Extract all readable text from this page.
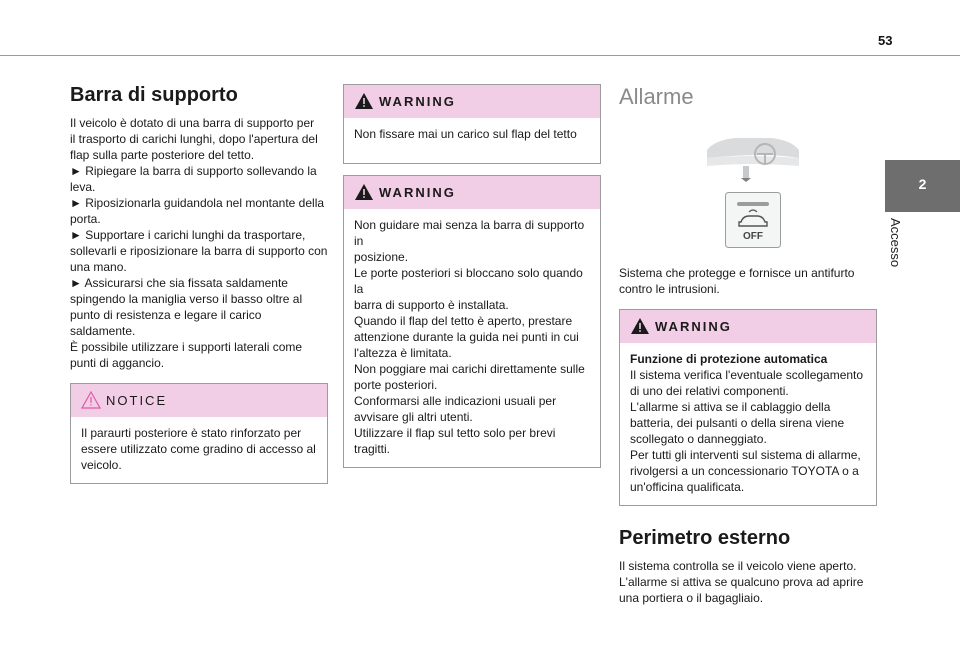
53
2
Accesso
Barra di supporto
Il veicolo è dotato di una barra di supporto per
il trasporto di carichi lunghi, dopo l'apertura del
flap sulla parte posteriore del tetto.
► Ripiegare la barra di supporto sollevando la
leva.
► Riposizionarla guidandola nel montante della
porta.
► Supportare i carichi lunghi da trasportare,
sollevarli e riposizionare la barra di supporto con
una mano.
► Assicurarsi che sia fissata saldamente
spingendo la maniglia verso il basso oltre al
punto di resistenza e legare il carico saldamente.
È possibile utilizzare i supporti laterali come
punti di aggancio.
NOTICE
Il paraurti posteriore è stato rinforzato per
essere utilizzato come gradino di accesso al
veicolo.
WARNING
Non fissare mai un carico sul flap del tetto
WARNING
Non guidare mai senza la barra di supporto in
posizione.
Le porte posteriori si bloccano solo quando la
barra di supporto è installata.
Quando il flap del tetto è aperto, prestare
attenzione durante la guida nei punti in cui
l'altezza è limitata.
Non poggiare mai carichi direttamente sulle
porte posteriori.
Conformarsi alle indicazioni usuali per
avvisare gli altri utenti.
Utilizzare il flap sul tetto solo per brevi tragitti.
Allarme
OFF
Sistema che protegge e fornisce un antifurto
contro le intrusioni.
WARNING
Funzione di protezione automatica
Il sistema verifica l'eventuale scollegamento
di uno dei relativi componenti.
L'allarme si attiva se il cablaggio della
batteria, dei pulsanti o della sirena viene
scollegato o danneggiato.
Per tutti gli interventi sul sistema di allarme,
rivolgersi a un concessionario TOYOTA o a
un'officina qualificata.
Perimetro esterno
Il sistema controlla se il veicolo viene aperto.
L'allarme si attiva se qualcuno prova ad aprire
una portiera o il bagagliaio.
